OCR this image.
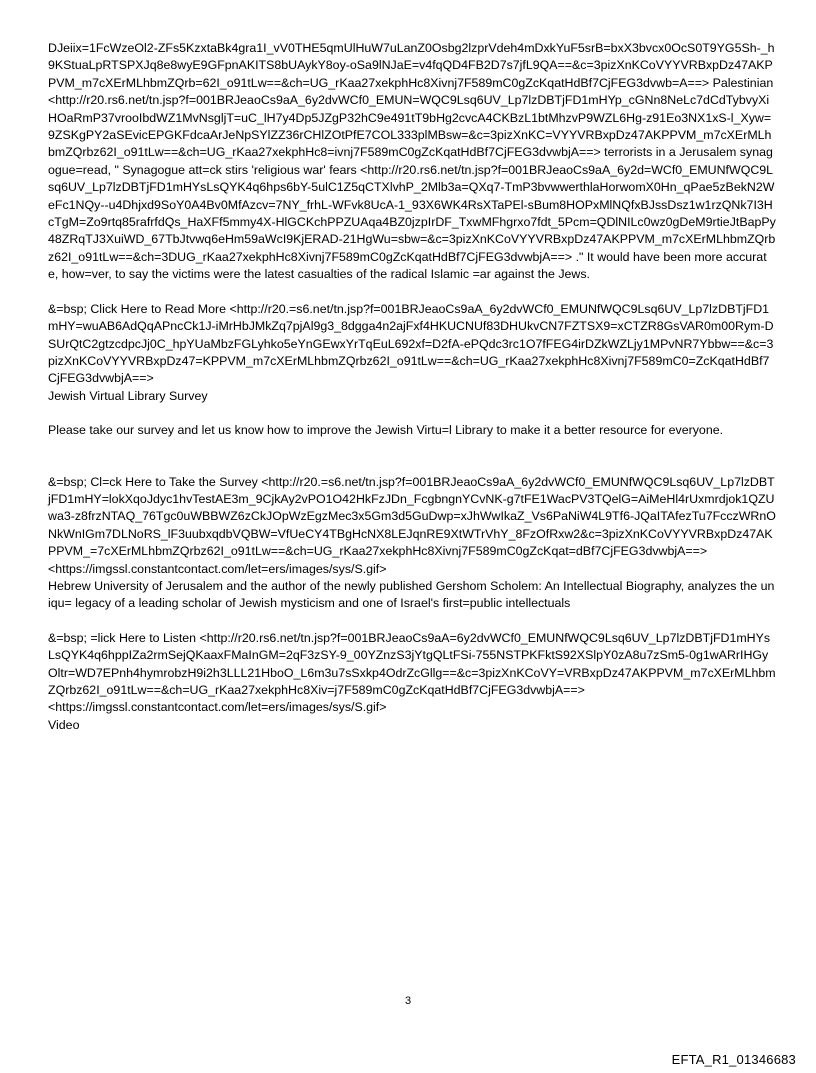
DJeiix=1FcWzeOl2-ZFs5KzxtaBk4gra1I_vV0THE5qmUlHuW7uLanZ0Osbg2lzprVdeh4mDxkYuF5srB=bxX3bvcx0OcS0T9YG5Sh-_h9KStuaLpRTSPXJq8e8wyE9GFpnAKITS8bUAykY8oy-oSa9lNJaE=v4fqQD4FB2D7s7jfL9QA==&c=3pizXnKCoVYYVRBxpDz47AKPPVM_m7cXErMLhbmZQrb=62I_o91tLw==&ch=UG_rKaa27xekphHc8Xivnj7F589mC0gZcKqatHdBf7CjFEG3dvwb=A==> Palestinian <http://r20.rs6.net/tn.jsp?f=001BRJeaoCs9aA_6y2dvWCf0_EMUN=WQC9Lsq6UV_Lp7lzDBTjFD1mHYp_cGNn8NeLc7dCdTybvyXiHOaRmP37vrooIbdWZ1MvNsgljT=uC_lH7y4Dp5JZgP32hC9e491tT9bHg2cvcA4CKBzL1btMhzvP9WZL6Hg-z91Eo3NX1xS-l_Xyw=9ZSKgPY2aSEvicEPGKFdcaArJeNpSYlZZ36rCHlZOtPfE7COL333plMBsw=&c=3pizXnKC=VYYVRBxpDz47AKPPVM_m7cXErMLhbmZQrbz62I_o91tLw==&ch=UG_rKaa27xekphHc8=ivnj7F589mC0gZcKqatHdBf7CjFEG3dvwbjA==> terrorists in a Jerusalem synagogue=read, " Synagogue att=ck stirs 'religious war' fears <http://r20.rs6.net/tn.jsp?f=001BRJeaoCs9aA_6y2d=WCf0_EMUNfWQC9Lsq6UV_Lp7lzDBTjFD1mHYsLsQYK4q6hps6bY-5ulC1Z5qCTXlvhP_2Mlb3a=QXq7-TmP3bvwwerthlaHorwomX0Hn_qPae5zBekN2WeFc1NQy--u4Dhjxd9SoY0A4Bv0MfAzcv=7NY_frhL-WFvk8UcA-1_93X6WK4RsXTaPEl-sBum8HOPxMlNQfxBJssDsz1w1rzQNk7I3HcTgM=Zo9rtq85rafrfdQs_HaXFf5mmy4X-HlGCKchPPZUAqa4BZ0jzpIrDF_TxwMFhgrxo7fdt_5Pcm=QDlNILc0wz0gDeM9rtieJtBapPy48ZRqTJ3XuiWD_67TbJtvwq6eHm59aWcI9KjERAD-21HgWu=sbw=&c=3pizXnKCoVYYVRBxpDz47AKPPVM_m7cXErMLhbmZQrbz62I_o91tLw==&ch=3DUG_rKaa27xekphHc8Xivnj7F589mC0gZcKqatHdBf7CjFEG3dvwbjA==> ." It would have been more accurate, how=ver, to say the victims were the latest casualties of the radical Islamic =ar against the Jews.

&=bsp; Click Here to Read More <http://r20.=s6.net/tn.jsp?f=001BRJeaoCs9aA_6y2dvWCf0_EMUNfWQC9Lsq6UV_Lp7lzDBTjFD1mHY=wuAB6AdQqAPncCk1J-iMrHbJMkZq7pjAl9g3_8dgga4n2ajFxf4HKUCNUf83DHUkvCN7FZTSX9=xCTZR8GsVAR0m00Rym-DSUrQtC2gtzcdpcJj0C_hpYUaMbzFGLyhko5eYnGEwxYrTqEuL692xf=D2fA-ePQdc3rc1O7fFEG4irDZkWZLjy1MPvNR7Ybbw==&c=3pizXnKCoVYYVRBxpDz47=KPPVM_m7cXErMLhbmZQrbz62I_o91tLw==&ch=UG_rKaa27xekphHc8Xivnj7F589mC0=ZcKqatHdBf7CjFEG3dvwbjA==>

Jewish Virtual Library Survey

Please take our survey and let us know how to improve the Jewish Virtu=l Library to make it a better resource for everyone.

&=bsp; Cl=ck Here to Take the Survey <http://r20.=s6.net/tn.jsp?f=001BRJeaoCs9aA_6y2dvWCf0_EMUNfWQC9Lsq6UV_Lp7lzDBTjFD1mHY=lokXqoJdyc1hvTestAE3m_9CjkAy2vPO1O42HkFzJDn_FcgbngnYCvNK-g7tFE1WacPV3TQelG=AiMeHl4rUxmrdjok1QZUwa3-z8frzNTAQ_76Tgc0uWBBWZ6zCkJOpWzEgzMec3x5Gm3d5GuDwp=xJhWwIkaZ_Vs6PaNiW4L9Tf6-JQaITAfezTu7FcczWRnONkWnIGm7DLNoRS_lF3uubxqdbVQBW=VfUeCY4TBgHcNX8LEJqnRE9XtWTrVhY_8FzOfRxw2&c=3pizXnKCoVYYVRBxpDz47AKPPVM_=7cXErMLhbmZQrbz62I_o91tLw==&ch=UG_rKaa27xekphHc8Xivnj7F589mC0gZcKqat=dBf7CjFEG3dvwbjA==>

<https://imgssl.constantcontact.com/let=ers/images/sys/S.gif>

Hebrew University of Jerusalem and the author of the newly published Gershom Scholem: An Intellectual Biography, analyzes the uniqu= legacy of a leading scholar of Jewish mysticism and one of Israel's first=public intellectuals

&=bsp; =lick Here to Listen <http://r20.rs6.net/tn.jsp?f=001BRJeaoCs9aA=6y2dvWCf0_EMUNfWQC9Lsq6UV_Lp7lzDBTjFD1mHYsLsQYK4q6hppIZa2rmSejQKaaxFMaInGM=2qF3zSY-9_00YZnzS3jYtgQLtFSi-755NSTPKFktS92XSlpY0zA8u7zSm5-0g1wARrIHGyOltr=WD7EPnh4hymrobzH9i2h3LLL21HboO_L6m3u7sSxkp4OdrZcGllg==&c=3pizXnKCoVY=VRBxpDz47AKPPVM_m7cXErMLhbmZQrbz62I_o91tLw==&ch=UG_rKaa27xekphHc8Xiv=j7F589mC0gZcKqatHdBf7CjFEG3dvwbjA==>

<https://imgssl.constantcontact.com/let=ers/images/sys/S.gif>

Video

3
EFTA_R1_01346683
